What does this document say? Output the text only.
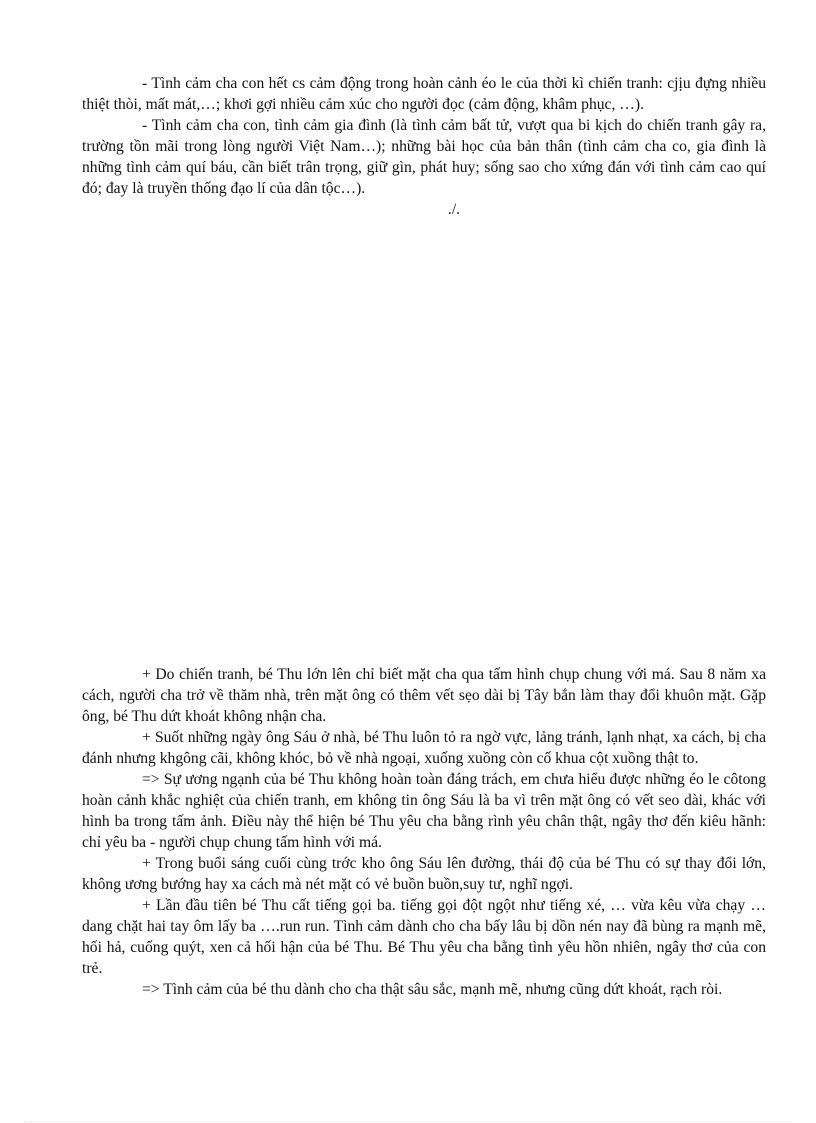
- Tình cảm cha con hết cs cảm động trong hoàn cảnh éo le của thời kì chiến tranh: cjịu đựng nhiều thiệt thòi, mất mát,…; khơi gợi nhiều cảm xúc cho người đọc (cảm động, khâm phục, …).

- Tình cảm cha con, tình cảm gia đình (là tình cảm bất tử, vượt qua bi kịch do chiến tranh gây ra, trường tồn mãi trong lòng người Việt Nam…); những bài học của bản thân (tình cảm cha co, gia đình là những tình cảm quí báu, cần biết trân trọng, giữ gìn, phát huy; sống sao cho xứng đán với tình cảm cao quí đó; đay là truyền thống đạo lí của dân tộc…).

./.

+ Do chiến tranh, bé Thu lớn lên chỉ biết mặt cha qua tấm hình chụp chung với má. Sau 8 năm xa cách, người cha trở về thăm nhà, trên mặt ông có thêm vết sẹo dài bị Tây bắn làm thay đổi khuôn mặt. Gặp ông, bé Thu dứt khoát không nhận cha.

+ Suốt những ngày ông Sáu ở nhà, bé Thu luôn tỏ ra ngờ vực, lảng tránh, lạnh nhạt, xa cách, bị cha đánh nhưng khgông cãi, không khóc, bỏ về nhà ngoại, xuống xuồng còn cố khua cột xuồng thật to.

=> Sự ương ngạnh của bé Thu không hoàn toàn đáng trách, em chưa hiểu được những éo le côtong hoàn cảnh khắc nghiệt của chiến tranh, em không tin ông Sáu là ba vì trên mặt ông có vết seo dài, khác với hình ba trong tấm ảnh. Điều này thể hiện bé Thu yêu cha bằng rình yêu chân thật, ngây thơ đến kiêu hãnh: chỉ yêu ba - người chụp chung tấm hình với má.

+ Trong buổi sáng cuối cùng trớc kho ông Sáu lên đường, thái độ của bé Thu có sự thay đổi lớn, không ương bướng hay xa cách mà nét mặt có vẻ buồn buồn,suy tư, nghĩ ngợi.

+ Lần đầu tiên bé Thu cất tiếng gọi ba. tiếng gọi đột ngột như tiếng xé, … vừa kêu vừa chạy …dang chặt hai tay ôm lấy ba ….run run. Tình cảm dành cho cha bấy lâu bị dồn nén nay đã bùng ra mạnh mẽ, hối hả, cuống quýt, xen cả hối hận của bé Thu. Bé Thu yêu cha bằng tình yêu hồn nhiên, ngây thơ của con trẻ.

=> Tình cảm của bé thu dành cho cha thật sâu sắc, mạnh mẽ, nhưng cũng dứt khoát, rạch ròi.
